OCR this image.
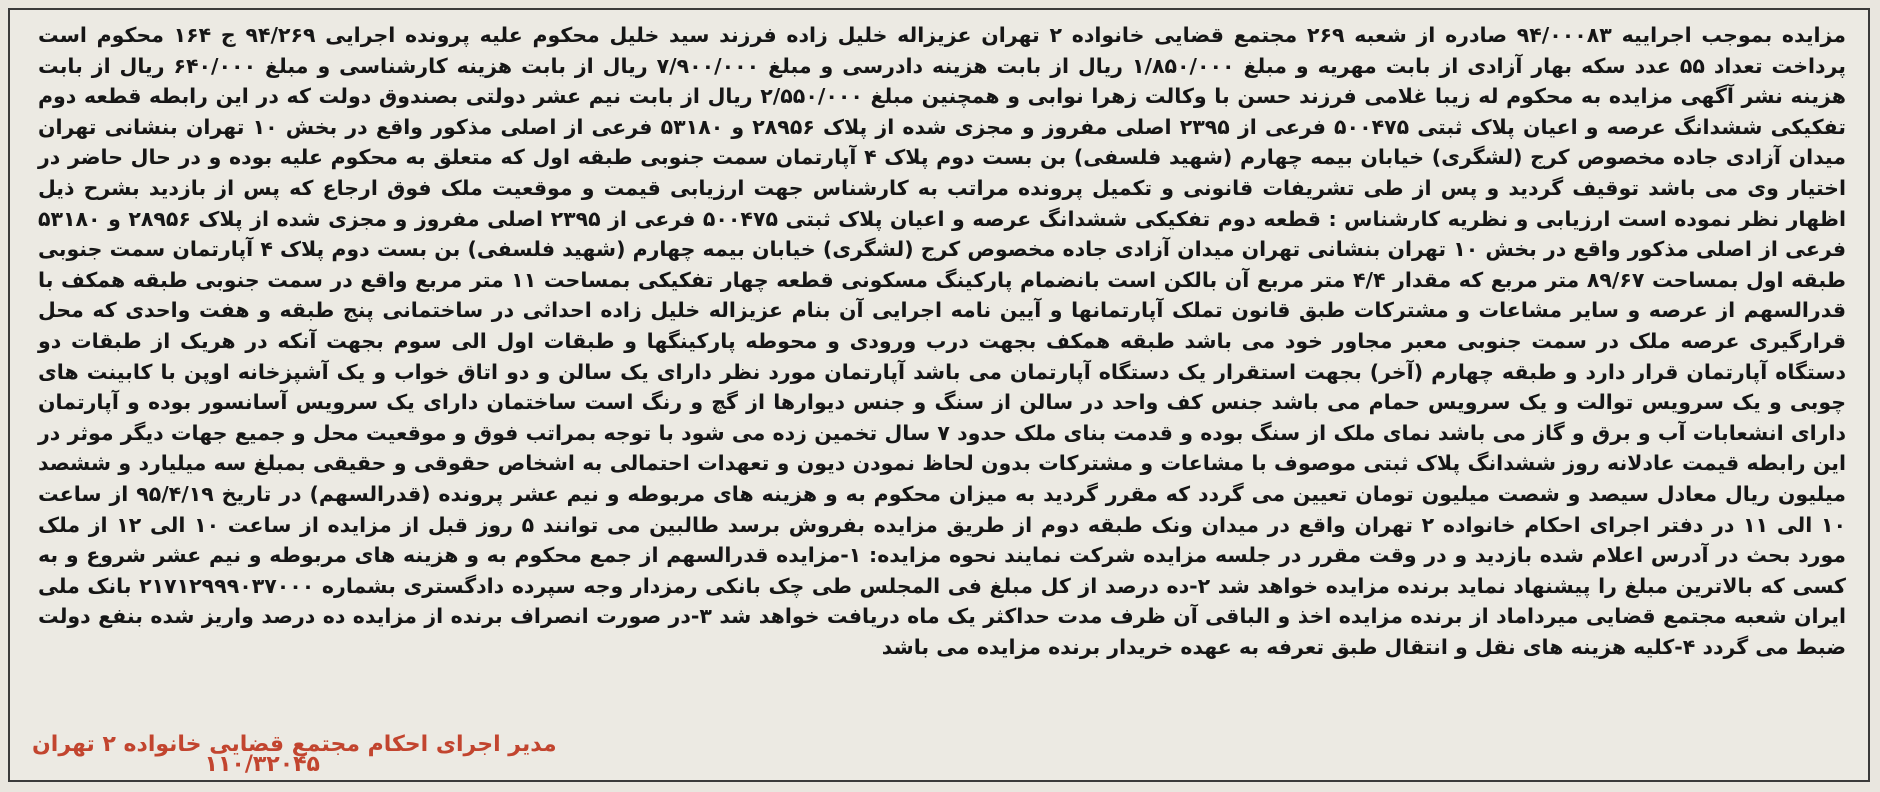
مزایده بموجب اجراییه ۹۴/۰۰۰۸۳ صادره از شعبه ۲۶۹ مجتمع قضایی خانواده ۲ تهران عزیزاله خلیل زاده فرزند سید خلیل محکوم علیه پرونده اجرایی ۹۴/۲۶۹ ج ۱۶۴ محکوم است پرداخت تعداد ۵۵ عدد سکه بهار آزادی از بابت مهریه و مبلغ ۱/۸۵۰/۰۰۰ ریال از بابت هزینه دادرسی و مبلغ ۷/۹۰۰/۰۰۰ ریال از بابت هزینه کارشناسی و مبلغ ۶۴۰/۰۰۰ ریال از بابت هزینه نشر آگهی مزایده به محکوم له زیبا غلامی فرزند حسن با وکالت زهرا نوابی و همچنین مبلغ ۲/۵۵۰/۰۰۰ ریال از بابت نیم عشر دولتی بصندوق دولت که در این رابطه قطعه دوم تفکیکی ششدانگ عرصه و اعیان پلاک ثبتی ۵۰۰۴۷۵ فرعی از ۲۳۹۵ اصلی مفروز و مجزی شده از پلاک ۲۸۹۵۶ و ۵۳۱۸۰ فرعی از اصلی مذکور واقع در بخش ۱۰ تهران بنشانی تهران میدان آزادی جاده مخصوص کرج (لشگری) خیابان بیمه چهارم (شهید فلسفی) بن بست دوم پلاک ۴ آپارتمان سمت جنوبی طبقه اول که متعلق به محکوم علیه بوده و در حال حاضر در اختیار وی می باشد توقیف گردید و پس از طی تشریفات قانونی و تکمیل پرونده مراتب به کارشناس جهت ارزیابی قیمت و موقعیت ملک فوق ارجاع که پس از بازدید بشرح ذیل اظهار نظر نموده است ارزیابی و نظریه کارشناس : قطعه دوم تفکیکی ششدانگ عرصه و اعیان پلاک ثبتی ۵۰۰۴۷۵ فرعی از ۲۳۹۵ اصلی مفروز و مجزی شده از پلاک ۲۸۹۵۶ و ۵۳۱۸۰ فرعی از اصلی مذکور واقع در بخش ۱۰ تهران بنشانی تهران میدان آزادی جاده مخصوص کرج (لشگری) خیابان بیمه چهارم (شهید فلسفی) بن بست دوم پلاک ۴ آپارتمان سمت جنوبی طبقه اول بمساحت ۸۹/۶۷ متر مربع که مقدار ۴/۴ متر مربع آن بالکن است بانضمام پارکینگ مسکونی قطعه چهار تفکیکی بمساحت ۱۱ متر مربع واقع در سمت جنوبی طبقه همکف با قدرالسهم از عرصه و سایر مشاعات و مشترکات طبق قانون تملک آپارتمانها و آیین نامه اجرایی آن بنام عزیزاله خلیل زاده احداثی در ساختمانی پنج طبقه و هفت واحدی که محل قرارگیری عرصه ملک در سمت جنوبی معبر مجاور خود می باشد طبقه همکف بجهت درب ورودی و محوطه پارکینگها و طبقات اول الی سوم بجهت آنکه در هریک از طبقات دو دستگاه آپارتمان قرار دارد و طبقه چهارم (آخر) بجهت استقرار یک دستگاه آپارتمان می باشد آپارتمان مورد نظر دارای یک سالن و دو اتاق خواب و یک آشپزخانه اوپن با کابینت های چوبی و یک سرویس توالت و یک سرویس حمام می باشد جنس کف واحد در سالن از سنگ و جنس دیوارها از گچ و رنگ است ساختمان دارای یک سرویس آسانسور بوده و آپارتمان دارای انشعابات آب و برق و گاز می باشد نمای ملک از سنگ بوده و قدمت بنای ملک حدود ۷ سال تخمین زده می شود با توجه بمراتب فوق و موقعیت محل و جمیع جهات دیگر موثر در این رابطه قیمت عادلانه روز ششدانگ پلاک ثبتی موصوف با مشاعات و مشترکات بدون لحاظ نمودن دیون و تعهدات احتمالی به اشخاص حقوقی و حقیقی بمبلغ سه میلیارد و ششصد میلیون ریال معادل سیصد و شصت میلیون تومان تعیین می گردد که مقرر گردید به میزان محکوم به و هزینه های مربوطه و نیم عشر پرونده (قدرالسهم) در تاریخ ۹۵/۴/۱۹ از ساعت ۱۰ الی ۱۱ در دفتر اجرای احکام خانواده ۲ تهران واقع در میدان ونک طبقه دوم از طریق مزایده بفروش برسد طالبین می توانند ۵ روز قبل از مزایده از ساعت ۱۰ الی ۱۲ از ملک مورد بحث در آدرس اعلام شده بازدید و در وقت مقرر در جلسه مزایده شرکت نمایند نحوه مزایده: ۱-مزایده قدرالسهم از جمع محکوم به و هزینه های مربوطه و نیم عشر شروع و به کسی که بالاترین مبلغ را پیشنهاد نماید برنده مزایده خواهد شد ۲-ده درصد از کل مبلغ فی المجلس طی چک بانکی رمزدار وجه سپرده دادگستری بشماره ۲۱۷۱۲۹۹۹۰۳۷۰۰۰ بانک ملی ایران شعبه مجتمع قضایی میرداماد از برنده مزایده اخذ و الباقی آن ظرف مدت حداکثر یک ماه دریافت خواهد شد ۳-در صورت انصراف برنده از مزایده ده درصد واریز شده بنفع دولت ضبط می گردد ۴-کلیه هزینه های نقل و انتقال طبق تعرفه به عهده خریدار برنده مزایده می باشد

مدیر اجرای احکام مجتمع قضایی خانواده ۲ تهران
۱۱۰/۳۲۰۴۵
